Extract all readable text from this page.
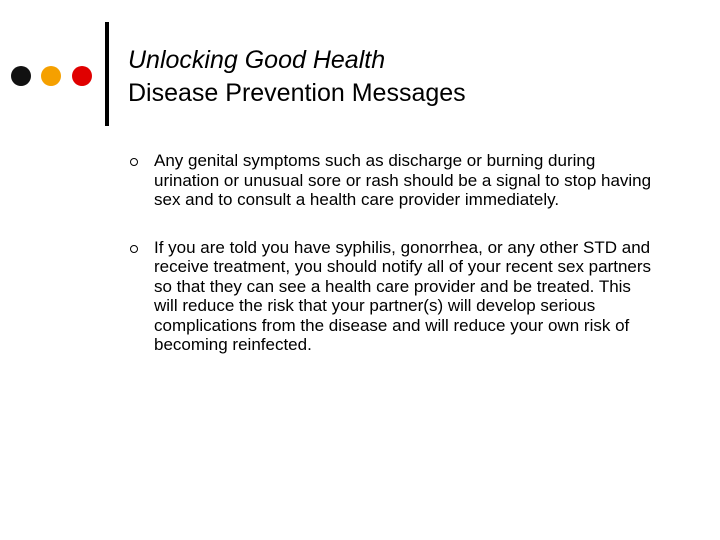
Unlocking Good Health
Disease Prevention Messages
Any genital symptoms such as discharge or burning during urination or unusual sore or rash should be a signal to stop having sex and to consult a health care provider immediately.
If you are told you have syphilis, gonorrhea, or any other STD and receive treatment, you should notify all of your recent sex partners so that they can see a health care provider and be treated. This will reduce the risk that your partner(s) will develop serious complications from the disease and will reduce your own risk of becoming reinfected.
